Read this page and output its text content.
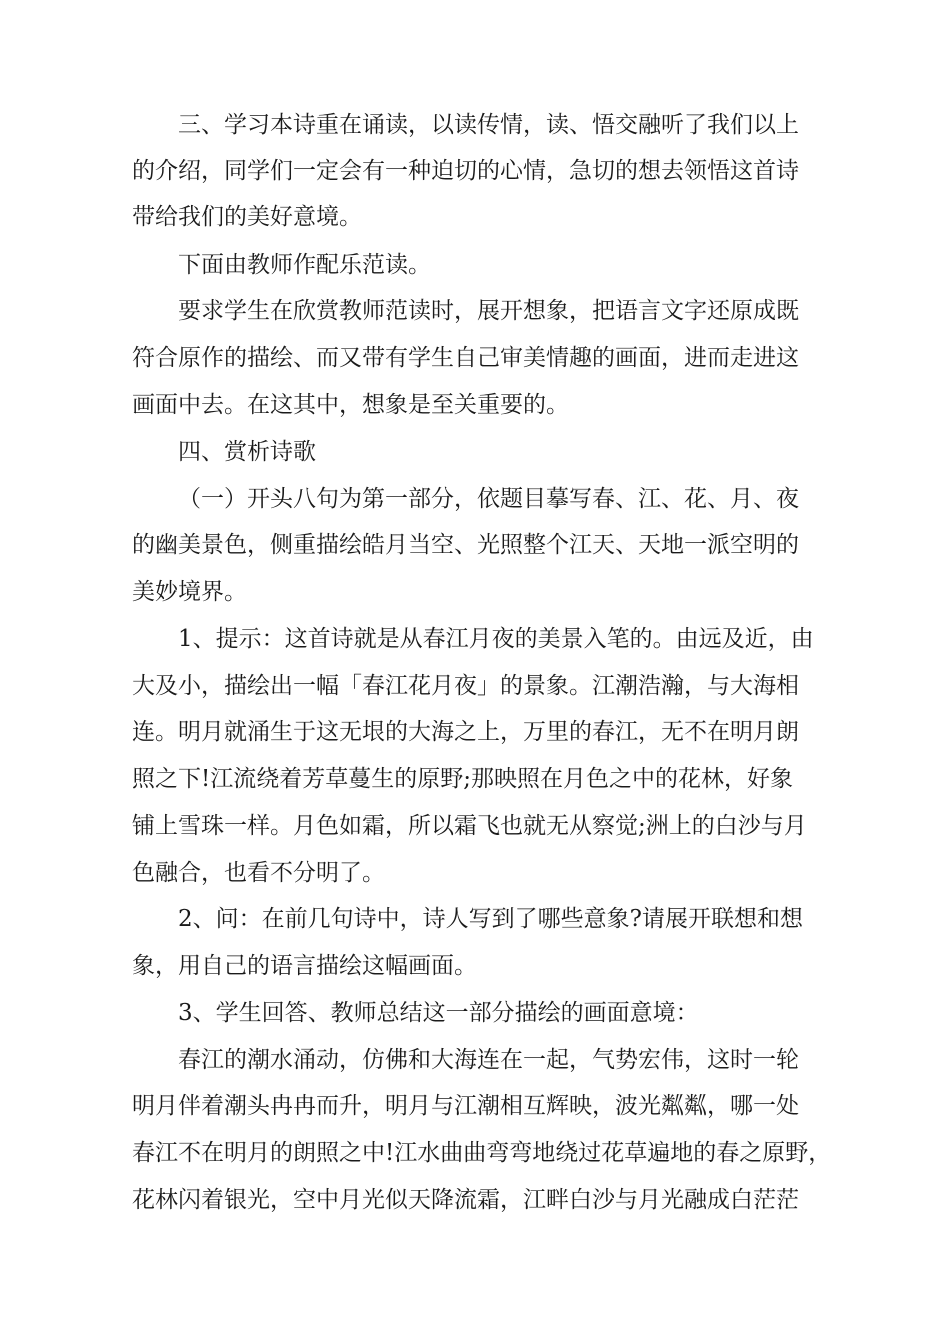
三、学习本诗重在诵读，以读传情，读、悟交融听了我们以上

的介绍，同学们一定会有一种迫切的心情，急切的想去领悟这首诗

带给我们的美好意境。

下面由教师作配乐范读。

要求学生在欣赏教师范读时，展开想象，把语言文字还原成既

符合原作的描绘、而又带有学生自己审美情趣的画面，进而走进这

画面中去。在这其中，想象是至关重要的。

四、赏析诗歌

（一）开头八句为第一部分，依题目摹写春、江、花、月、夜

的幽美景色，侧重描绘皓月当空、光照整个江天、天地一派空明的

美妙境界。

1、提示：这首诗就是从春江月夜的美景入笔的。由远及近，由

大及小，描绘出一幅「春江花月夜」的景象。江潮浩瀚，与大海相

连。明月就涌生于这无垠的大海之上，万里的春江，无不在明月朗

照之下!江流绕着芳草蔓生的原野;那映照在月色之中的花林，好象

铺上雪珠一样。月色如霜，所以霜飞也就无从察觉;洲上的白沙与月

色融合，也看不分明了。

2、问：在前几句诗中，诗人写到了哪些意象?请展开联想和想

象，用自己的语言描绘这幅画面。

3、学生回答、教师总结这一部分描绘的画面意境：

春江的潮水涌动，仿佛和大海连在一起，气势宏伟，这时一轮

明月伴着潮头冉冉而升，明月与江潮相互辉映，波光粼粼，哪一处

春江不在明月的朗照之中!江水曲曲弯弯地绕过花草遍地的春之原野，

花林闪着银光，空中月光似天降流霜，江畔白沙与月光融成白茫茫
